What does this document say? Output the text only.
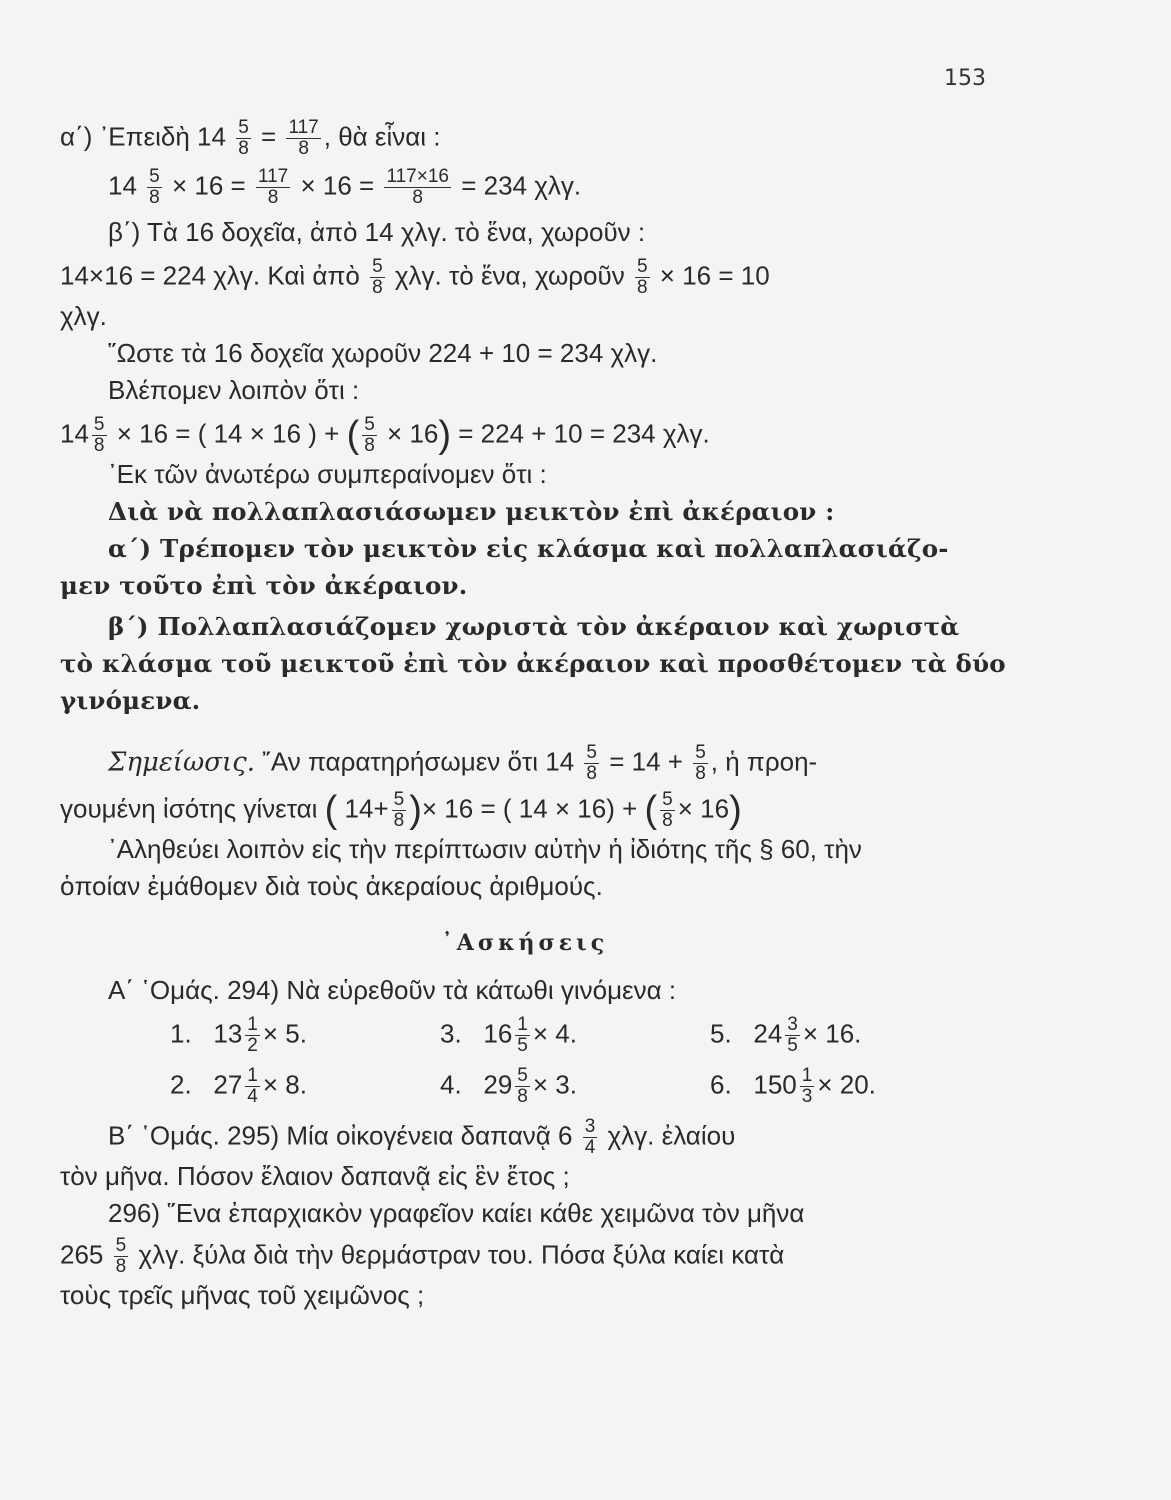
153
α΄) ᾿Επειδὴ $14 \frac{5}{8} = \frac{117}{8}$ , θὰ εἶναι :
$14 \frac{5}{8} \times 16 = \frac{117}{8} \times 16 = \frac{117\times 16}{8} = 234$ χλγ.
β΄) Τὰ 16 δοχεῖα, ἀπὸ 14 χλγ. τὸ ἕνα, χωροῦν :
14×16 = 224 χλγ. Καὶ ἀπὸ $\frac{5}{8} \chi\lambda\gamma$. τὸ ἕνα, χωροῦν $\frac{5}{8} \times 16 = 10$
χλγ.
῞Ωστε τὰ 16 δοχεῖα χωροῦν 224 + 10 = 234 χλγ.
Βλέπομεν λοιπὸν ὅτι :
$14 \frac{5}{8} \times 16$ = ( 14 × 16 ) + ( $\frac{5}{8} \times 16) = 224 + 10 = 234$ χλγ.
᾿Εκ τῶν ἀνωτέρω συμπεραίνομεν ὅτι :
Διὰ νὰ πολλαπλασιάσωμεν μεικτὸν ἐπὶ ἀκέραιον :
α΄) Τρέπομεν τὸν μεικτὸν εἰς κλάσμα καὶ πολλαπλασιάζο-
μεν τοῦτο ἐπὶ τὸν ἀκέραιον.
β΄) Πολλαπλασιάζομεν χωριστὰ τὸν ἀκέραιον καὶ χωριστὰ
τὸ κλάσμα τοῦ μεικτοῦ ἐπὶ τὸν ἀκέραιον καὶ προσθέτομεν τὰ δύο
γινόμενα.
Σημείωσις. ῎Αν παρατηρήσωμεν ὅτι $14 \frac{5}{8} = 14 + \frac{5}{8}$ , ἡ προη-
γουμένη ἰσότης γίνεται ( $14+ \frac{5}{8}$ )× 16 = ( 14 × 16) + ( $\frac{5}{8} \times 16$)
᾿Αληθεύει λοιπὸν εἰς τὴν περίπτωσιν αὐτὴν ἡ ἰδιότης τῆς § 60, τὴν
ὁποίαν ἐμάθομεν διὰ τοὺς ἀκεραίους ἀριθμούς.
᾿Ασκήσεις
Α΄ ῾Ομάς. 294) Νὰ εὑρεθοῦν τὰ κάτωθι γινόμενα :
1. $13 \frac{1}{2} \times 5$.	3. $16 \frac{1}{5} \times 4$.	5. $24 \frac{3}{5} \times 16$.
2. $27 \frac{1}{4} \times 8$.	4. $29 \frac{5}{8} \times 3$.	6. $150 \frac{1}{3} \times 20$.
Β΄ ῾Ομάς. 295) Μία οἰκογένεια δαπανᾷ $6 \frac{3}{4} \chi\lambda\gamma$. ἐλαίου
τὸν μῆνα. Πόσον ἔλαιον δαπανᾷ εἰς ἓν ἔτος ;
296) ῞Ενα ἐπαρχιακὸν γραφεῖον καίει κάθε χειμῶνα τὸν μῆνα
$265 \frac{5}{8} \chi\lambda\gamma$. ξύλα διὰ τὴν θερμάστραν του. Πόσα ξύλα καίει κατὰ
τοὺς τρεῖς μῆνας τοῦ χειμῶνος ;
